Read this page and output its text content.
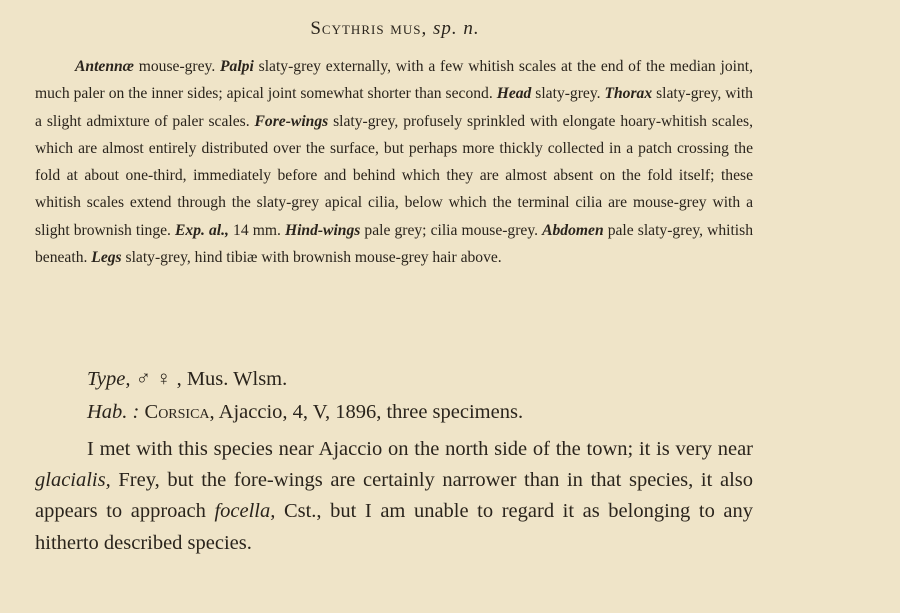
Scythris mus, sp. n.
Antennæ mouse-grey. Palpi slaty-grey externally, with a few whitish scales at the end of the median joint, much paler on the inner sides; apical joint somewhat shorter than second. Head slaty-grey. Thorax slaty-grey, with a slight admixture of paler scales. Fore-wings slaty-grey, profusely sprinkled with elongate hoary-whitish scales, which are almost entirely distributed over the surface, but perhaps more thickly collected in a patch crossing the fold at about one-third, immediately before and behind which they are almost absent on the fold itself; these whitish scales extend through the slaty-grey apical cilia, below which the terminal cilia are mouse-grey with a slight brownish tinge. Exp. al., 14 mm. Hind-wings pale grey; cilia mouse-grey. Abdomen pale slaty-grey, whitish beneath. Legs slaty-grey, hind tibiæ with brownish mouse-grey hair above.
Type, ♂ ♀ , Mus. Wlsm.
Hab. : Corsica, Ajaccio, 4, V, 1896, three specimens.
I met with this species near Ajaccio on the north side of the town; it is very near glacialis, Frey, but the fore-wings are certainly narrower than in that species, it also appears to approach focella, Cst., but I am unable to regard it as belonging to any hitherto described species.
